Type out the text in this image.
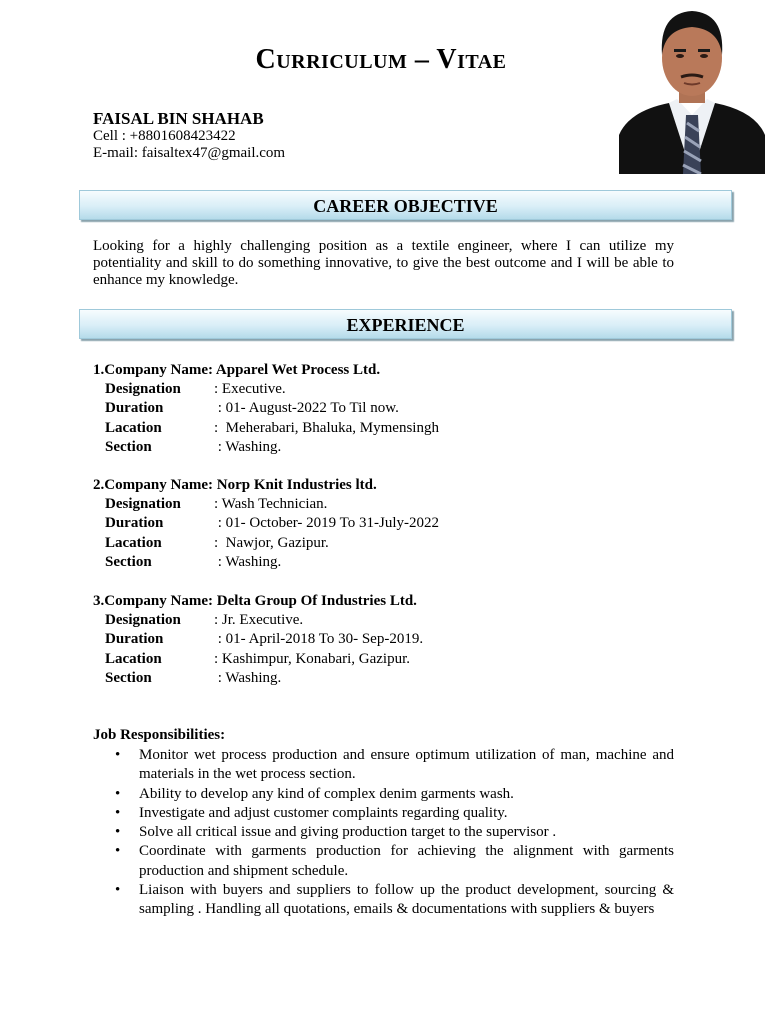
Curriculum – Vitae
FAISAL BIN SHAHAB
Cell : +8801608423422
E-mail: faisaltex47@gmail.com
CAREER OBJECTIVE
Looking for a highly challenging position as a textile engineer, where I can utilize my potentiality and skill to do something innovative, to give the best outcome and I will be able to enhance my knowledge.
EXPERIENCE
1.Company Name: Apparel Wet Process Ltd.
Designation	: Executive.
Duration	: 01- August-2022 To Til now.
Lacation	:  Meherabari, Bhaluka, Mymensingh
Section	: Washing.
2.Company Name: Norp Knit Industries ltd.
Designation	: Wash Technician.
Duration	: 01- October- 2019 To 31-July-2022
Lacation	:  Nawjor, Gazipur.
Section	: Washing.
3.Company Name: Delta Group Of Industries Ltd.
Designation	: Jr. Executive.
Duration	: 01- April-2018 To 30- Sep-2019.
Lacation	: Kashimpur, Konabari, Gazipur.
Section	: Washing.
Job Responsibilities:
• Monitor wet process production and ensure optimum utilization of man, machine and materials in the wet process section.
• Ability to develop any kind of complex denim garments wash.
• Investigate and adjust customer complaints regarding quality.
• Solve all critical issue and giving production target to the supervisor .
• Coordinate with garments production for achieving the alignment with garments production and shipment schedule.
• Liaison with buyers and suppliers to follow up the product development, sourcing & sampling . Handling all quotations, emails & documentations with suppliers & buyers
